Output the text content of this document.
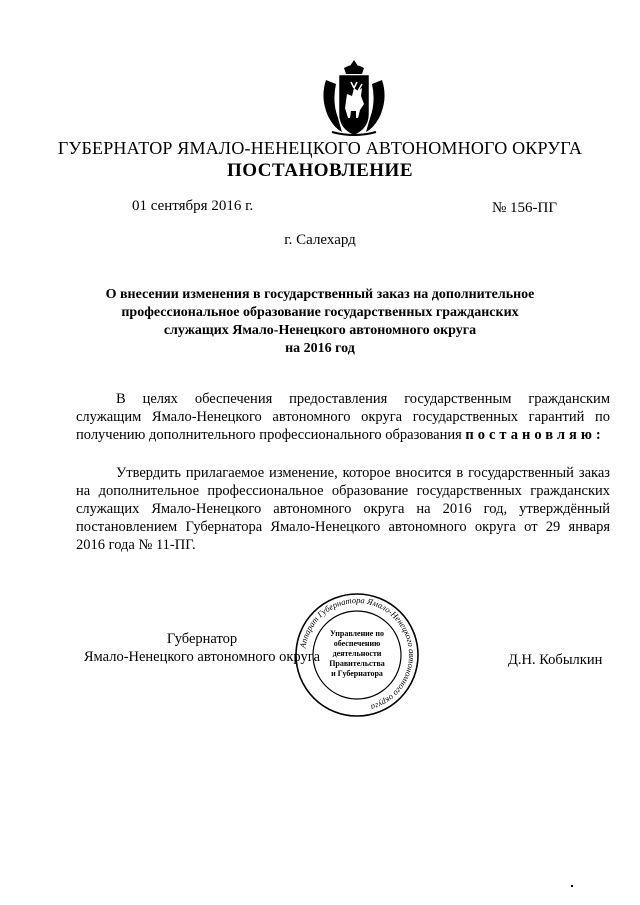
ГУБЕРНАТОР ЯМАЛО-НЕНЕЦКОГО АВТОНОМНОГО ОКРУГА
ПОСТАНОВЛЕНИЕ
01 сентября 2016 г.	№ 156-ПГ
г. Салехард
О внесении изменения в государственный заказ на дополнительное
профессиональное образование государственных гражданских
служащих Ямало-Ненецкого автономного округа
на 2016 год
В целях обеспечения предоставления государственным гражданским служащим Ямало-Ненецкого автономного округа государственных гарантий по получению дополнительного профессионального образования постановляю:
Утвердить прилагаемое изменение, которое вносится в государственный заказ на дополнительное профессиональное образование государственных гражданских служащих Ямало-Ненецкого автономного округа на 2016 год, утверждённый постановлением Губернатора Ямало-Ненецкого автономного округа от 29 января 2016 года № 11-ПГ.
Губернатор
Ямало-Ненецкого автономного округа	Д.Н. Кобылкин
Аппарат Губернатора Ямало-Ненецкого автономного округа
Управление по
обеспечению
деятельности
Правительства
и Губернатора
